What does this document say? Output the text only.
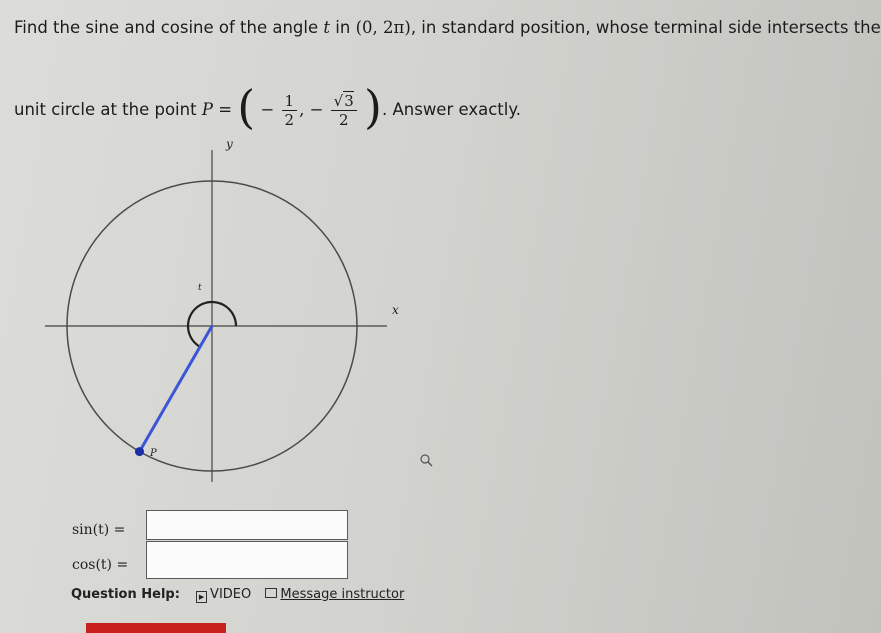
Find the sine and cosine of the angle t in (0, 2π), in standard position, whose terminal side intersects the
unit circle at the point P = ( − $\frac{1}{2}$ , − $\frac{√3}{2}$ ). Answer exactly.
y
x
t
P
sin(t) =
cos(t) =
Question Help:	▶ VIDEO Message instructor
